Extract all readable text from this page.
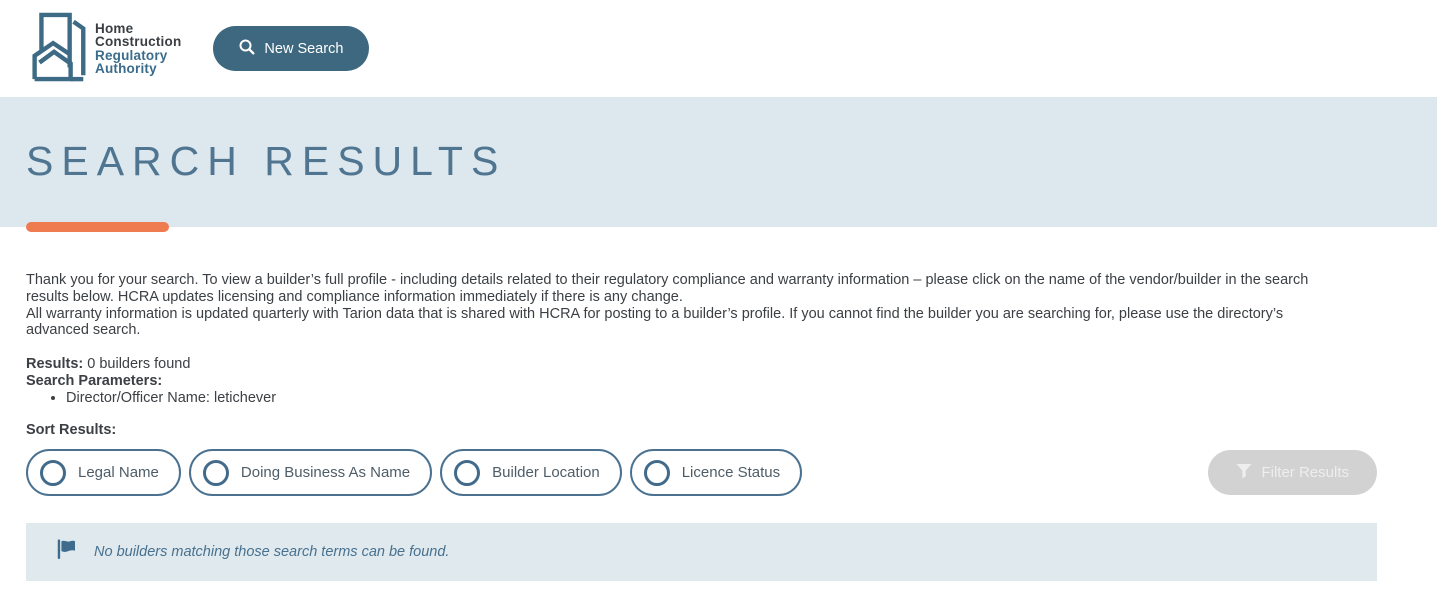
Home
Construction
Regulatory
Authority
New Search
SEARCH RESULTS

Thank you for your search. To view a builder’s full profile - including details related to their regulatory compliance and warranty information – please click on the name of the vendor/builder in the search results below. HCRA updates licensing and compliance information immediately if there is any change.

All warranty information is updated quarterly with Tarion data that is shared with HCRA for posting to a builder’s profile. If you cannot find the builder you are searching for, please use the directory’s advanced search.

Results: 0 builders found
Search Parameters:
• Director/Officer Name: letichever
Sort Results:
Legal Name	Doing Business As Name	Builder Location	Licence Status	Filter Results
No builders matching those search terms can be found.
